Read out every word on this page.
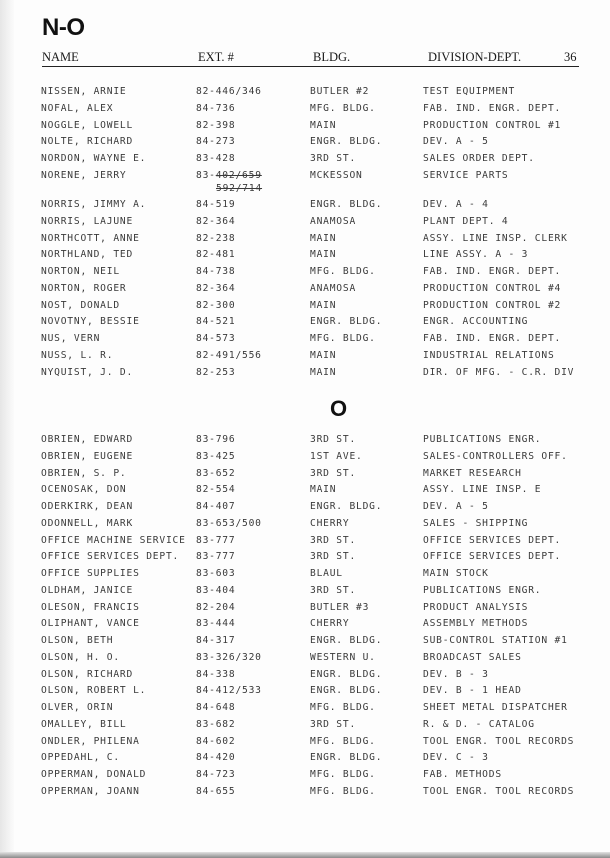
N-O
NAME	EXT. #	BLDG.	DIVISION-DEPT.	36
NISSEN, ARNIE	82-446/346	BUTLER #2	TEST EQUIPMENT
NOFAL, ALEX	84-736	MFG. BLDG.	FAB. IND. ENGR. DEPT.
NOGGLE, LOWELL	82-398	MAIN	PRODUCTION CONTROL #1
NOLTE, RICHARD	84-273	ENGR. BLDG.	DEV. A - 5
NORDON, WAYNE E.	83-428	3RD ST.	SALES ORDER DEPT.
NORENE, JERRY	83-402/659	MCKESSON	SERVICE PARTS
592/714
NORRIS, JIMMY A.	84-519	ENGR. BLDG.	DEV. A - 4
NORRIS, LAJUNE	82-364	ANAMOSA	PLANT DEPT. 4
NORTHCOTT, ANNE	82-238	MAIN	ASSY. LINE INSP. CLERK
NORTHLAND, TED	82-481	MAIN	LINE ASSY. A - 3
NORTON, NEIL	84-738	MFG. BLDG.	FAB. IND. ENGR. DEPT.
NORTON, ROGER	82-364	ANAMOSA	PRODUCTION CONTROL #4
NOST, DONALD	82-300	MAIN	PRODUCTION CONTROL #2
NOVOTNY, BESSIE	84-521	ENGR. BLDG.	ENGR. ACCOUNTING
NUS, VERN	84-573	MFG. BLDG.	FAB. IND. ENGR. DEPT.
NUSS, L. R.	82-491/556	MAIN	INDUSTRIAL RELATIONS
NYQUIST, J. D.	82-253	MAIN	DIR. OF MFG. - C.R. DIV
O
OBRIEN, EDWARD	83-796	3RD ST.	PUBLICATIONS ENGR.
OBRIEN, EUGENE	83-425	1ST AVE.	SALES-CONTROLLERS OFF.
OBRIEN, S. P.	83-652	3RD ST.	MARKET RESEARCH
OCENOSAK, DON	82-554	MAIN	ASSY. LINE INSP. E
ODERKIRK, DEAN	84-407	ENGR. BLDG.	DEV. A - 5
ODONNELL, MARK	83-653/500	CHERRY	SALES - SHIPPING
OFFICE MACHINE SERVICE 83-777	3RD ST.	OFFICE SERVICES DEPT.
OFFICE SERVICES DEPT. 83-777	3RD ST.	OFFICE SERVICES DEPT.
OFFICE SUPPLIES	83-603	BLAUL	MAIN STOCK
OLDHAM, JANICE	83-404	3RD ST.	PUBLICATIONS ENGR.
OLESON, FRANCIS	82-204	BUTLER #3	PRODUCT ANALYSIS
OLIPHANT, VANCE	83-444	CHERRY	ASSEMBLY METHODS
OLSON, BETH	84-317	ENGR. BLDG.	SUB-CONTROL STATION #1
OLSON, H. O.	83-326/320	WESTERN U.	BROADCAST SALES
OLSON, RICHARD	84-338	ENGR. BLDG.	DEV. B - 3
OLSON, ROBERT L.	84-412/533	ENGR. BLDG.	DEV. B - 1 HEAD
OLVER, ORIN	84-648	MFG. BLDG.	SHEET METAL DISPATCHER
OMALLEY, BILL	83-682	3RD ST.	R. & D. - CATALOG
ONDLER, PHILENA	84-602	MFG. BLDG.	TOOL ENGR. TOOL RECORDS
OPPEDAHL, C.	84-420	ENGR. BLDG.	DEV. C - 3
OPPERMAN, DONALD	84-723	MFG. BLDG.	FAB. METHODS
OPPERMAN, JOANN	84-655	MFG. BLDG.	TOOL ENGR. TOOL RECORDS
